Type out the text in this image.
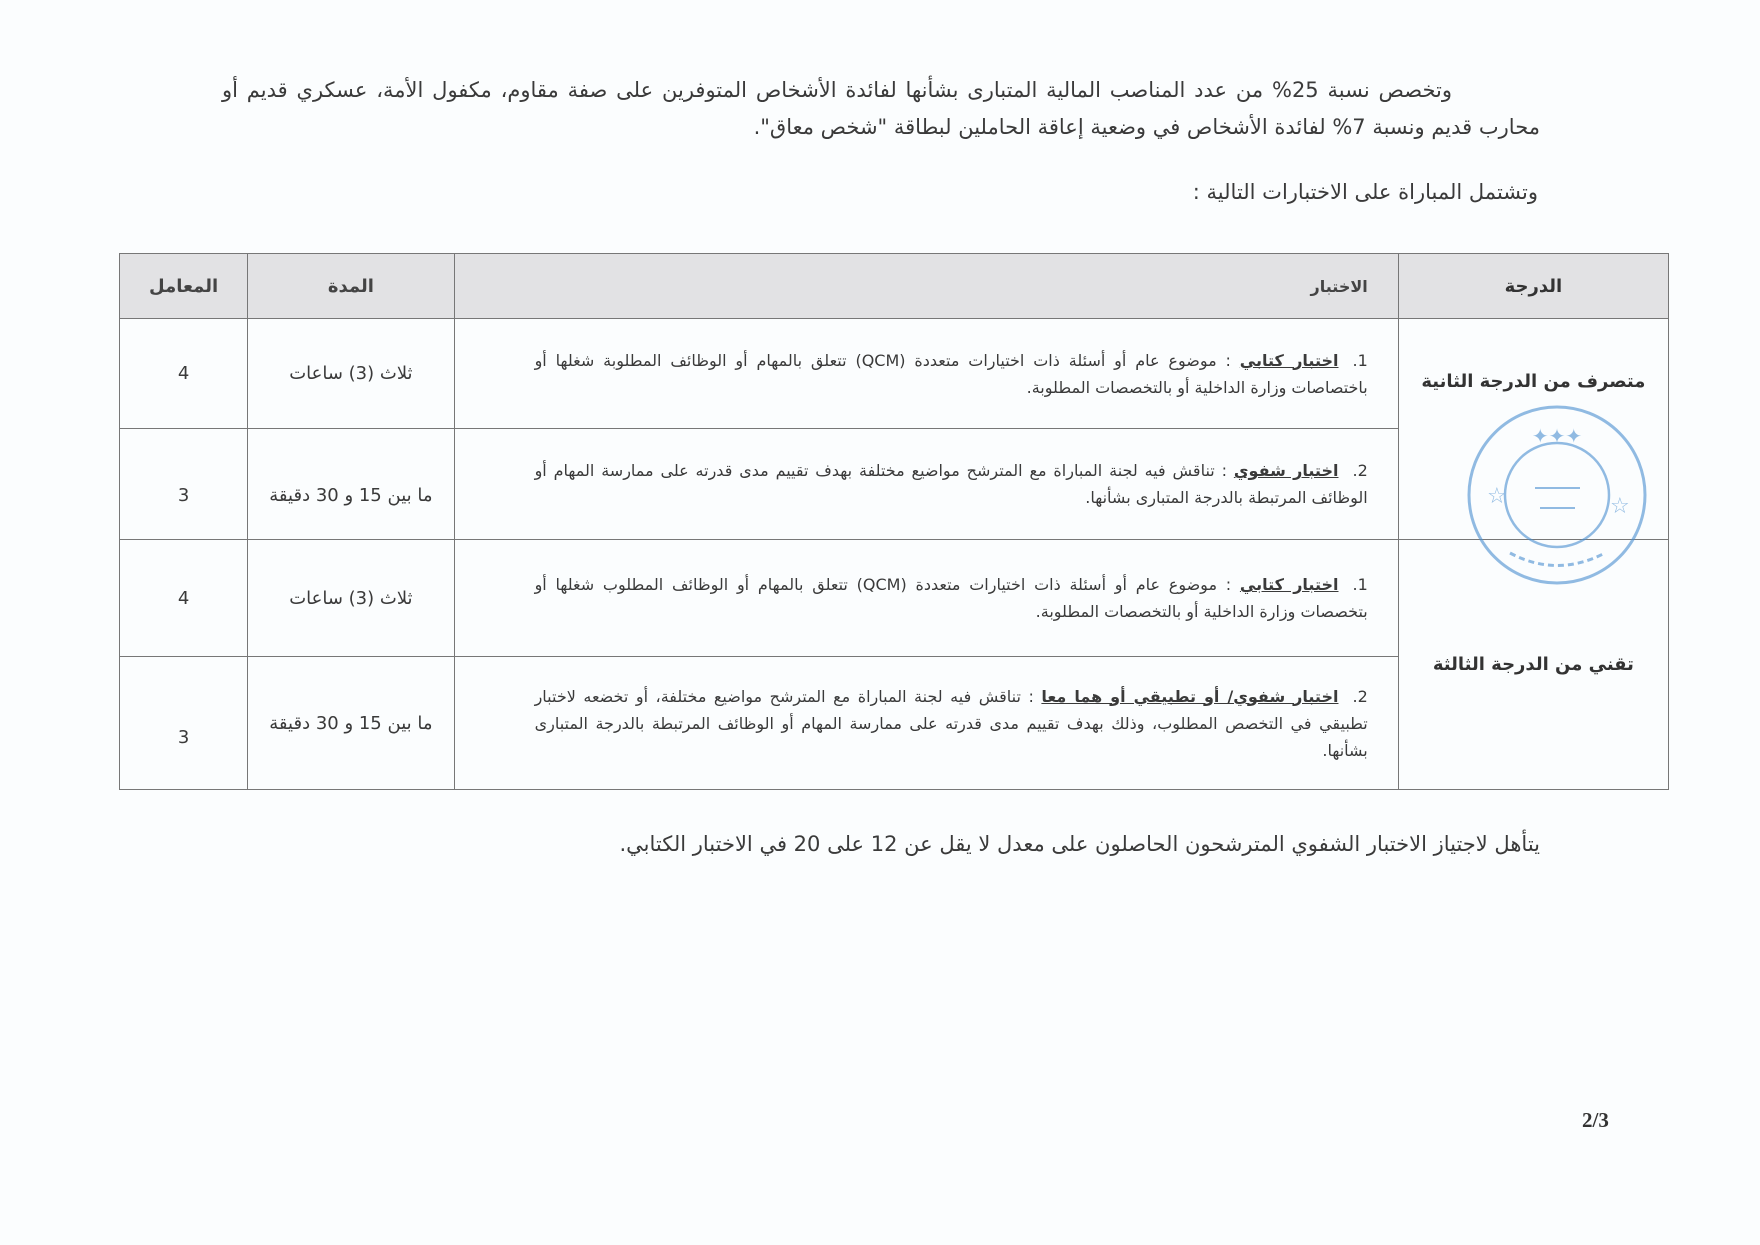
وتخصص نسبة 25% من عدد المناصب المالية المتبارى بشأنها لفائدة الأشخاص المتوفرين على صفة مقاوم، مكفول الأمة، عسكري قديم أو محارب قديم ونسبة 7% لفائدة الأشخاص في وضعية إعاقة الحاملين لبطاقة "شخص معاق".
وتشتمل المباراة على الاختبارات التالية :
الدرجة	الاختبار	المدة	المعامل
متصرف من الدرجة الثانية	1.اختبار كتابي : موضوع عام أو أسئلة ذات اختيارات متعددة (QCM) تتعلق بالمهام أو الوظائف المطلوبة شغلها أو باختصاصات وزارة الداخلية أو بالتخصصات المطلوبة.	ثلاث (3) ساعات	4
	2.اختبار شفوي : تناقش فيه لجنة المباراة مع المترشح مواضيع مختلفة بهدف تقييم مدى قدرته على ممارسة المهام أو الوظائف المرتبطة بالدرجة المتبارى بشأنها.	ما بين 15 و 30 دقيقة	3
تقني من الدرجة الثالثة	1.اختبار كتابي : موضوع عام أو أسئلة ذات اختيارات متعددة (QCM) تتعلق بالمهام أو الوظائف المطلوب شغلها أو بتخصصات وزارة الداخلية أو بالتخصصات المطلوبة.	ثلاث (3) ساعات	4
	2.اختبار شفوي/ أو تطبيقي أو هما معا : تناقش فيه لجنة المباراة مع المترشح مواضيع مختلفة، أو تخضعه لاختبار تطبيقي في التخصص المطلوب، وذلك بهدف تقييم مدى قدرته على ممارسة المهام أو الوظائف المرتبطة بالدرجة المتبارى بشأنها.	ما بين 15 و 30 دقيقة	3
✦✦✦
☆	☆
يتأهل لاجتياز الاختبار الشفوي المترشحون الحاصلون على معدل لا يقل عن 12 على 20 في الاختبار الكتابي.
2/3
